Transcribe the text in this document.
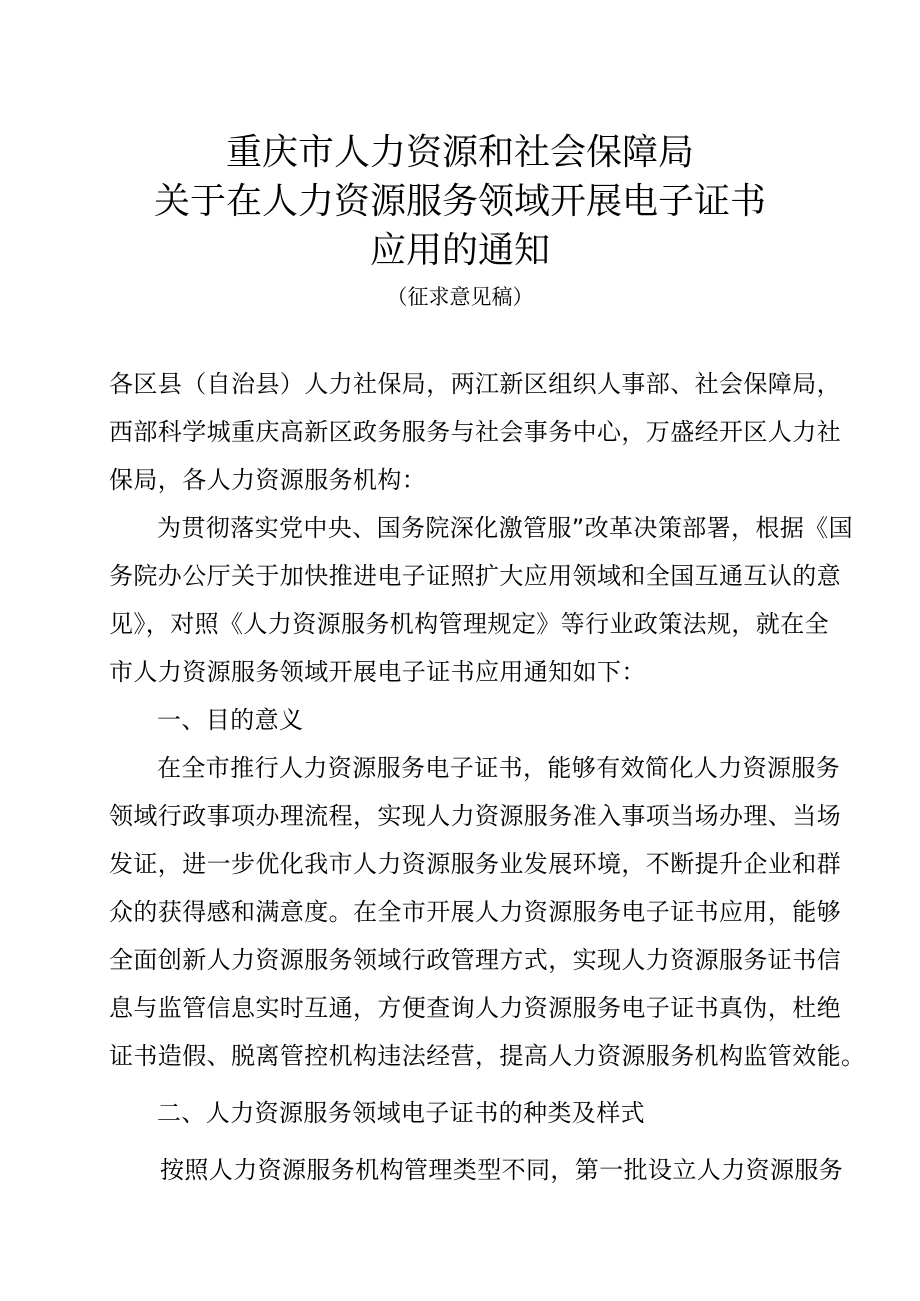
重庆市人力资源和社会保障局
关于在人力资源服务领域开展电子证书
应用的通知
（征求意见稿）
各区县（自治县）人力社保局，两江新区组织人事部、社会保障局，
西部科学城重庆高新区政务服务与社会事务中心，万盛经开区人力社
保局，各人力资源服务机构：
为贯彻落实党中央、国务院深化激管服”改革决策部署，根据《国
务院办公厅关于加快推进电子证照扩大应用领域和全国互通互认的意
见》，对照《人力资源服务机构管理规定》等行业政策法规，就在全
市人力资源服务领域开展电子证书应用通知如下：
一、目的意义
在全市推行人力资源服务电子证书，能够有效简化人力资源服务
领域行政事项办理流程，实现人力资源服务准入事项当场办理、当场
发证，进一步优化我市人力资源服务业发展环境，不断提升企业和群
众的获得感和满意度。在全市开展人力资源服务电子证书应用，能够
全面创新人力资源服务领域行政管理方式，实现人力资源服务证书信
息与监管信息实时互通，方便查询人力资源服务电子证书真伪，杜绝
证书造假、脱离管控机构违法经营，提高人力资源服务机构监管效能。
二、人力资源服务领域电子证书的种类及样式
按照人力资源服务机构管理类型不同，第一批设立人力资源服务
